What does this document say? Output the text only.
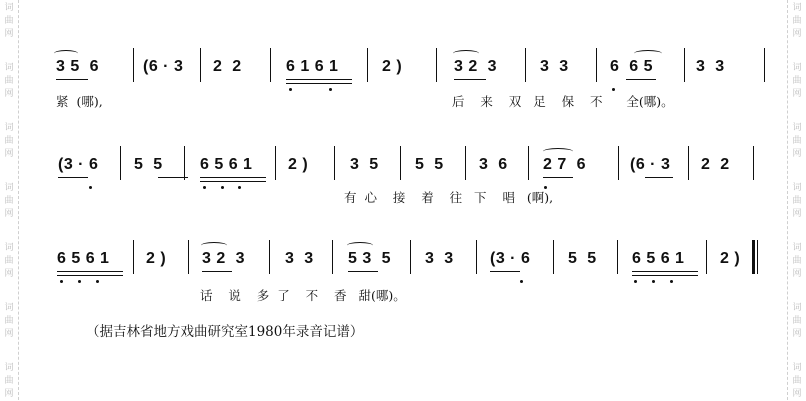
词
曲
网
词
曲
网
词
曲
网
词
曲
网
词
曲
网
词
曲
网
词
曲
网
词
曲
网
词
曲
网
词
曲
网
词
曲
网
词
曲
网
词
曲
网
词
曲
网
3 5  6	(6 · 3 2  2	6 1 6 1	2 )	3 2  3	3  3	6  6 5	3  3
紧  (哪),	后    来    双   足    保    不      全(哪)。
(3 · 6 5  5 6 5 6 1 2 )	3  5 5  5 3  6 2 7  6	(6 · 3 2  2
有  心    接    着    往   下    唱   (啊),
6 5 6 1 2 ) 3 2  3 3  3 5 3  5 3  3 (3 · 6 5  5 6 5 6 1 2 )
话    说    多  了    不    香   甜(哪)。
（据吉林省地方戏曲研究室1980年录音记谱）
